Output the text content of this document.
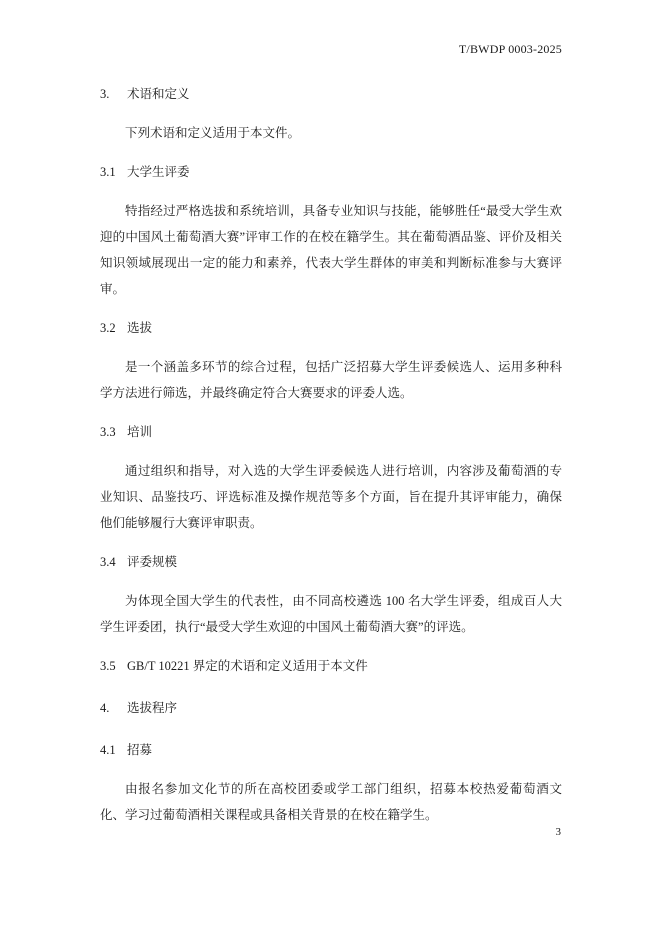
T/BWDP 0003-2025
3. 术语和定义

下列术语和定义适用于本文件。

3.1 大学生评委

特指经过严格选拔和系统培训，具备专业知识与技能，能够胜任“最受大学生欢迎的中国风土葡萄酒大赛”评审工作的在校在籍学生。其在葡萄酒品鉴、评价及相关知识领域展现出一定的能力和素养，代表大学生群体的审美和判断标准参与大赛评审。

3.2 选拔

是一个涵盖多环节的综合过程，包括广泛招募大学生评委候选人、运用多种科学方法进行筛选，并最终确定符合大赛要求的评委人选。

3.3 培训

通过组织和指导，对入选的大学生评委候选人进行培训，内容涉及葡萄酒的专业知识、品鉴技巧、评选标准及操作规范等多个方面，旨在提升其评审能力，确保他们能够履行大赛评审职责。

3.4 评委规模

为体现全国大学生的代表性，由不同高校遴选 100 名大学生评委，组成百人大学生评委团，执行“最受大学生欢迎的中国风土葡萄酒大赛”的评选。

3.5 GB/T 10221 界定的术语和定义适用于本文件
4. 选拔程序
4.1 招募

由报名参加文化节的所在高校团委或学工部门组织，招募本校热爱葡萄酒文化、学习过葡萄酒相关课程或具备相关背景的在校在籍学生。

3
